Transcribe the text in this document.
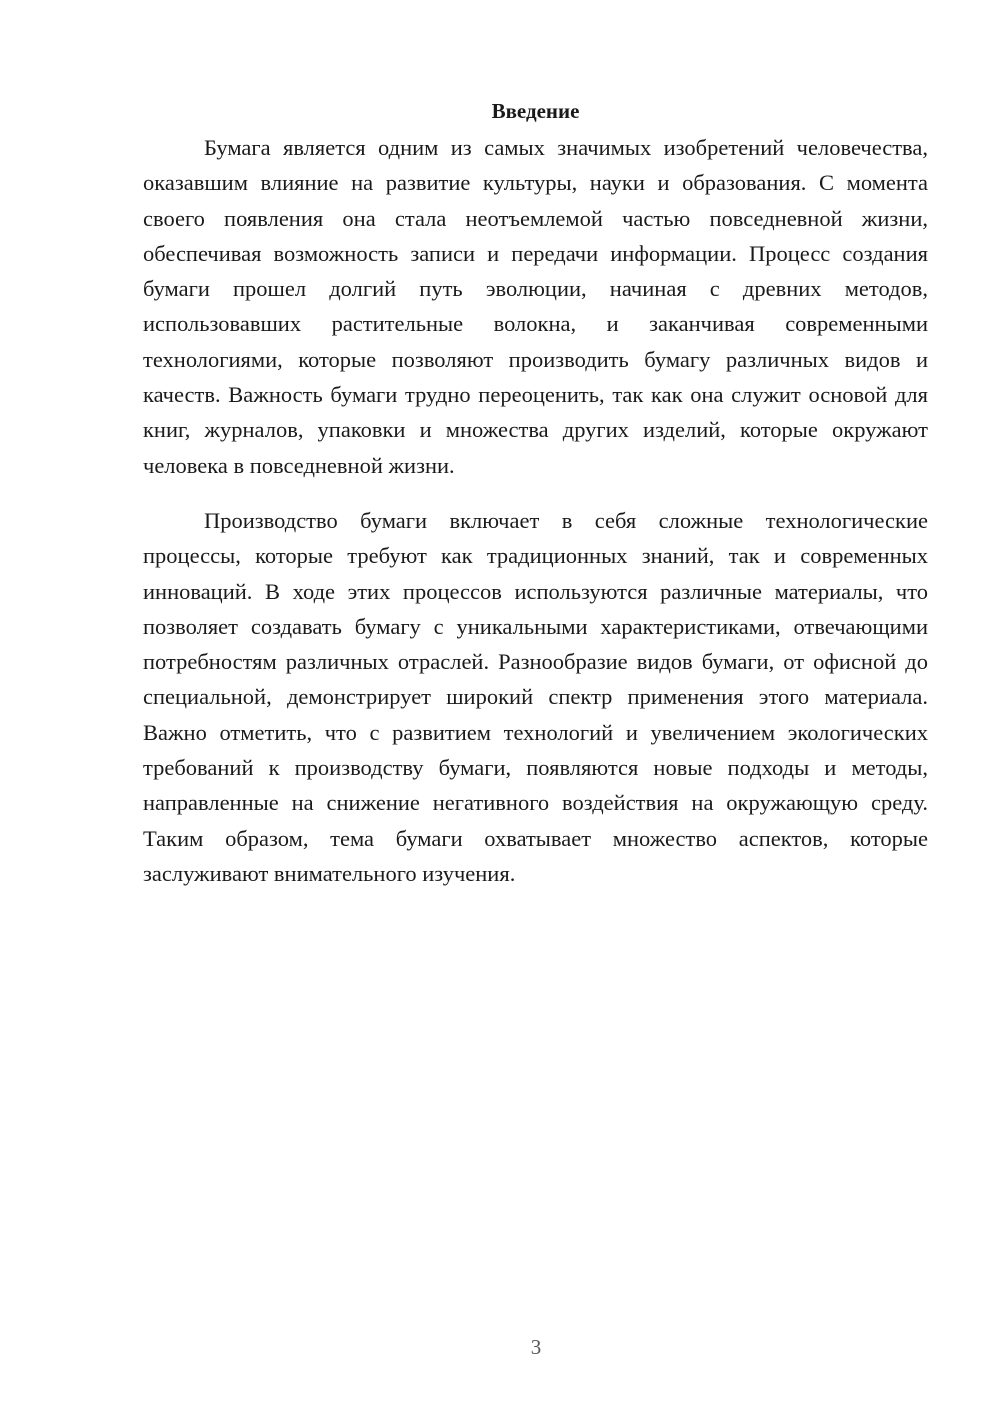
Введение

Бумага является одним из самых значимых изобретений человечества, оказавшим влияние на развитие культуры, науки и образования. С момента своего появления она стала неотъемлемой частью повседневной жизни, обеспечивая возможность записи и передачи информации. Процесс создания бумаги прошел долгий путь эволюции, начиная с древних методов, использовавших растительные волокна, и заканчивая современными технологиями, которые позволяют производить бумагу различных видов и качеств. Важность бумаги трудно переоценить, так как она служит основой для книг, журналов, упаковки и множества других изделий, которые окружают человека в повседневной жизни.

Производство бумаги включает в себя сложные технологические процессы, которые требуют как традиционных знаний, так и современных инноваций. В ходе этих процессов используются различные материалы, что позволяет создавать бумагу с уникальными характеристиками, отвечающими потребностям различных отраслей. Разнообразие видов бумаги, от офисной до специальной, демонстрирует широкий спектр применения этого материала. Важно отметить, что с развитием технологий и увеличением экологических требований к производству бумаги, появляются новые подходы и методы, направленные на снижение негативного воздействия на окружающую среду. Таким образом, тема бумаги охватывает множество аспектов, которые заслуживают внимательного изучения.

3
